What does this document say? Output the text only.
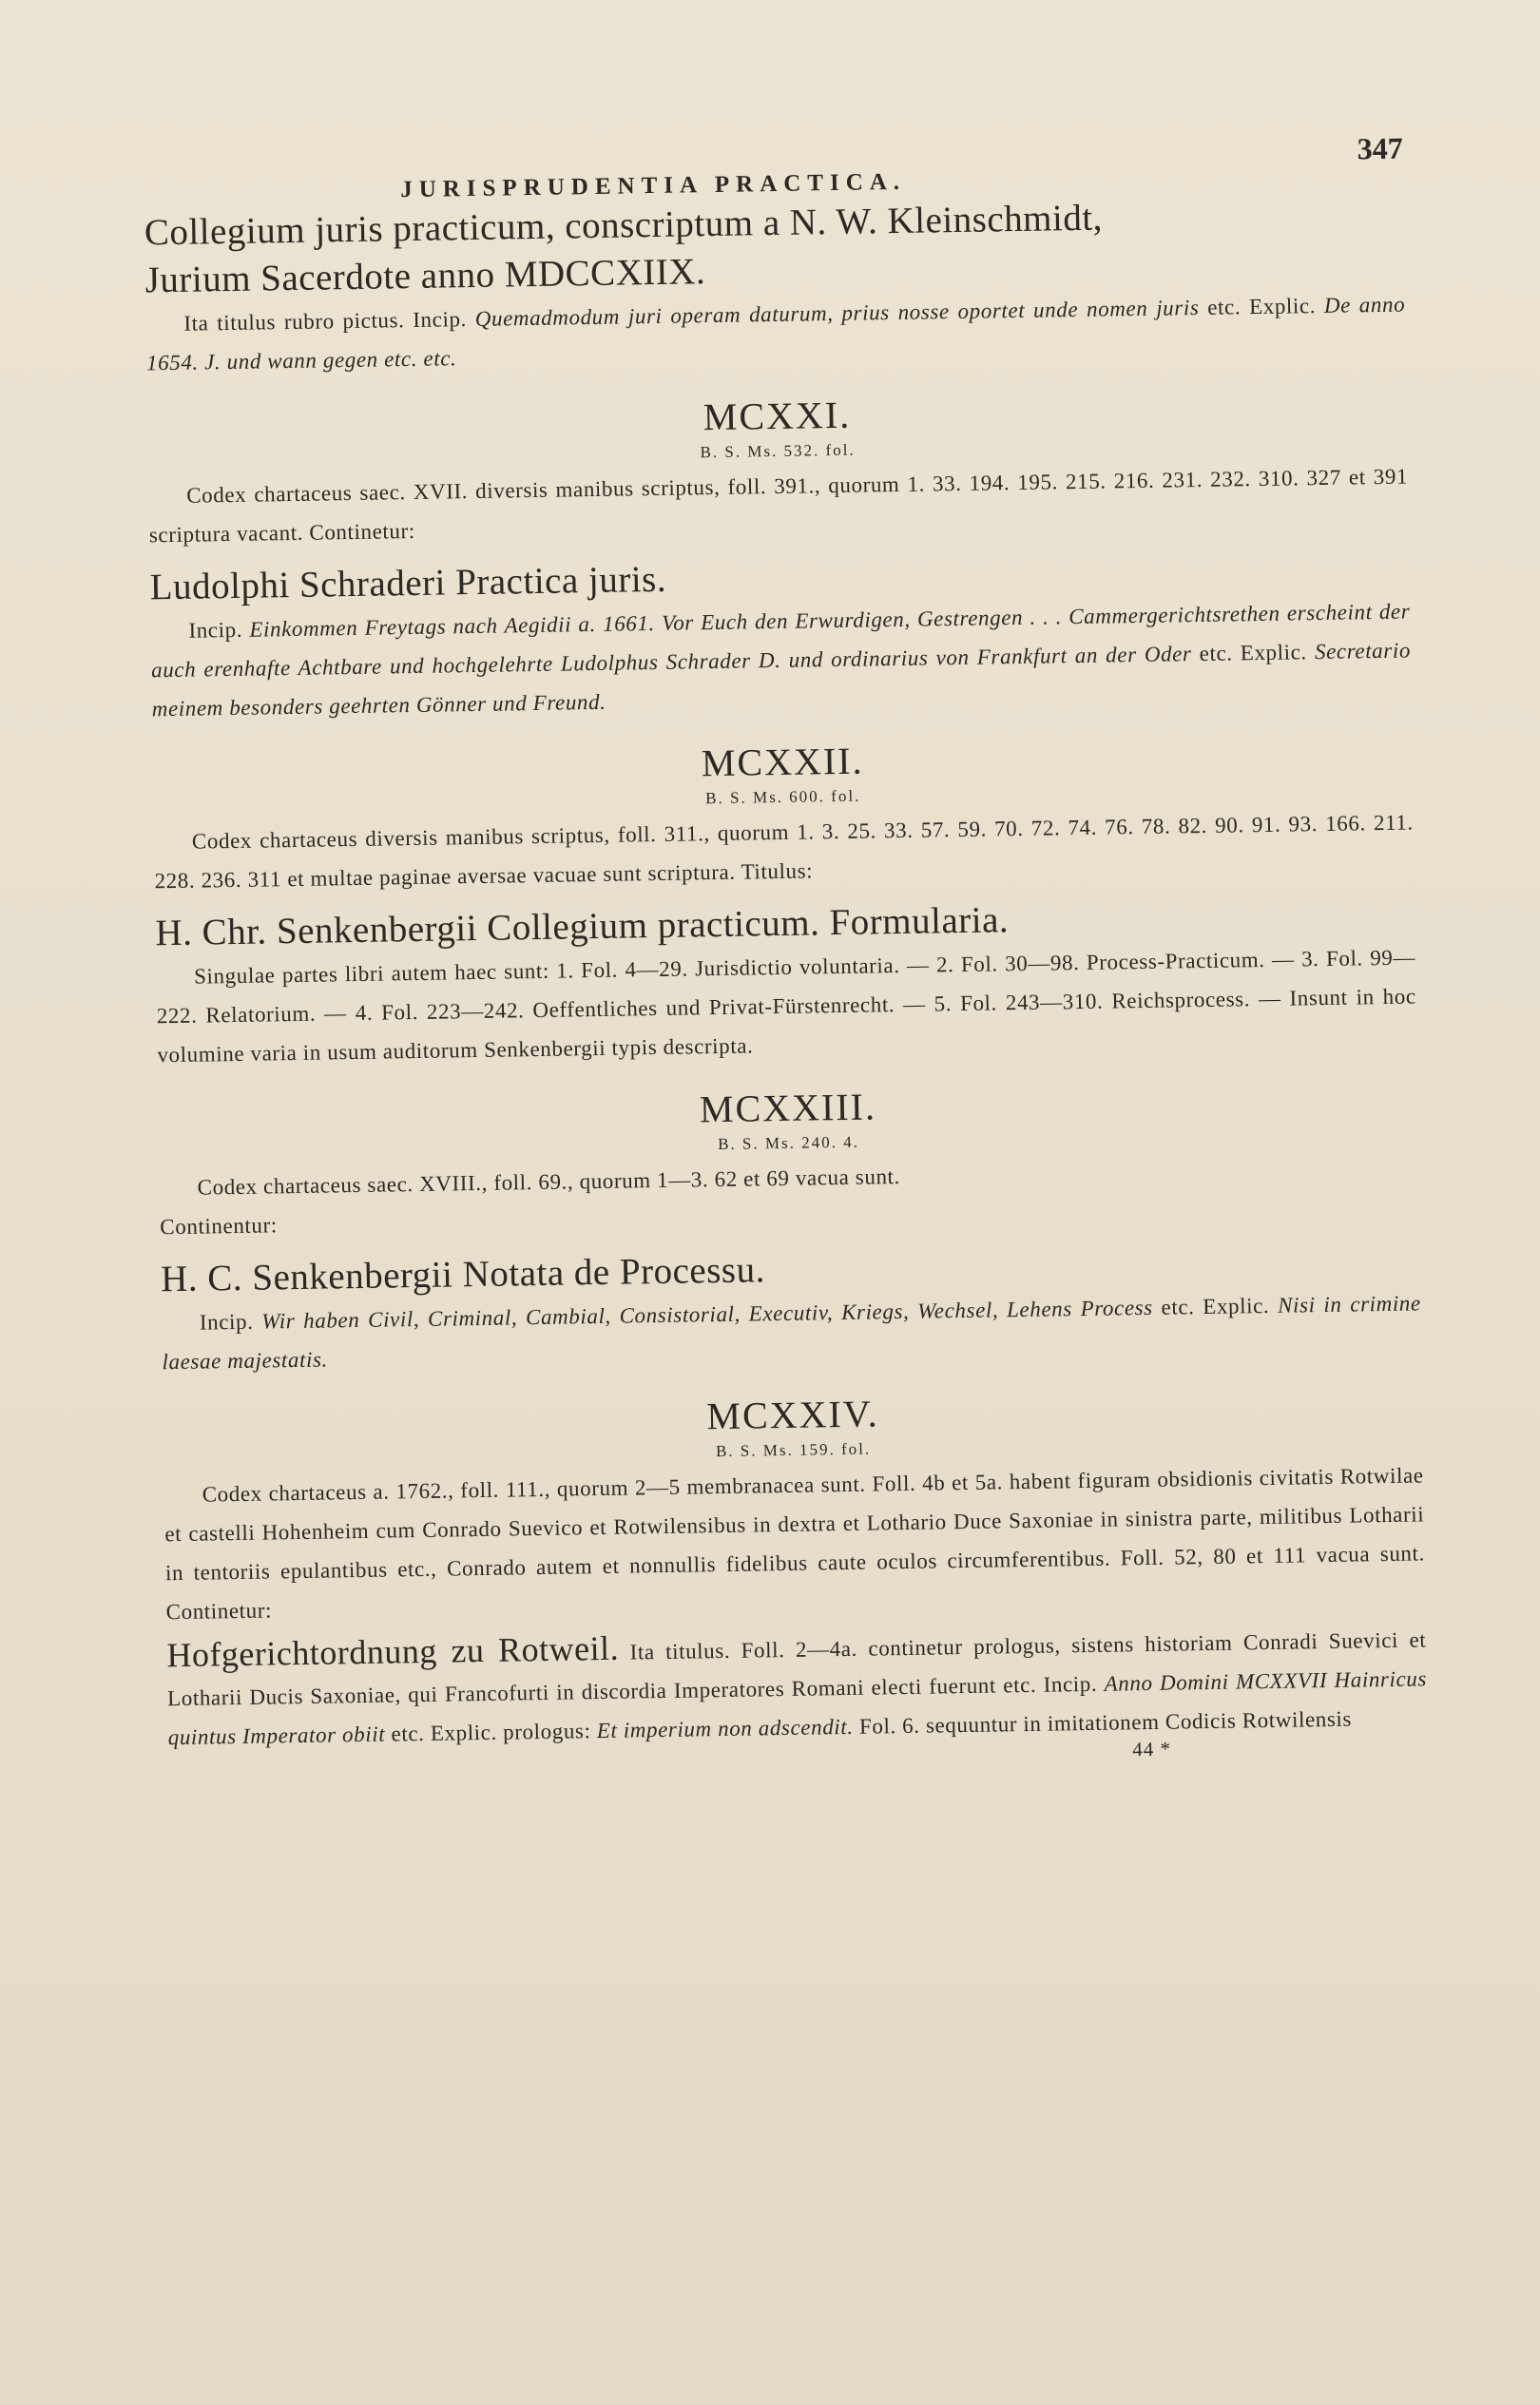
JURISPRUDENTIA PRACTICA.
347
Collegium juris practicum, conscriptum a N. W. Kleinschmidt,
Jurium Sacerdote anno MDCCXIIX.

Ita titulus rubro pictus. Incip. Quemadmodum juri operam daturum, prius nosse oportet unde nomen juris etc. Explic. De anno 1654. J. und wann gegen etc. etc.

MCXXI.
B. S. Ms. 532. fol.

Codex chartaceus saec. XVII. diversis manibus scriptus, foll. 391., quorum 1. 33. 194. 195. 215. 216. 231. 232. 310. 327 et 391 scriptura vacant. Continetur:

Ludolphi Schraderi Practica juris.

Incip. Einkommen Freytags nach Aegidii a. 1661. Vor Euch den Erwurdigen, Gestrengen . . . Cammergerichtsrethen erscheint der auch erenhafte Achtbare und hochgelehrte Ludolphus Schrader D. und ordinarius von Frankfurt an der Oder etc. Explic. Secretario meinem besonders geehrten Gönner und Freund.

MCXXII.
B. S. Ms. 600. fol.

Codex chartaceus diversis manibus scriptus, foll. 311., quorum 1. 3. 25. 33. 57. 59. 70. 72. 74. 76. 78. 82. 90. 91. 93. 166. 211. 228. 236. 311 et multae paginae aversae vacuae sunt scriptura. Titulus:

H. Chr. Senkenbergii Collegium practicum. Formularia.

Singulae partes libri autem haec sunt: 1. Fol. 4—29. Jurisdictio voluntaria. — 2. Fol. 30—98. Process-Practicum. — 3. Fol. 99—222. Relatorium. — 4. Fol. 223—242. Oeffentliches und Privat-Fürstenrecht. — 5. Fol. 243—310. Reichsprocess. — Insunt in hoc volumine varia in usum auditorum Senkenbergii typis descripta.

MCXXIII.
B. S. Ms. 240. 4.

Codex chartaceus saec. XVIII., foll. 69., quorum 1—3. 62 et 69 vacua sunt.

Continentur:

H. C. Senkenbergii Notata de Processu.

Incip. Wir haben Civil, Criminal, Cambial, Consistorial, Executiv, Kriegs, Wechsel, Lehens Process etc. Explic. Nisi in crimine laesae majestatis.

MCXXIV.
B. S. Ms. 159. fol.

Codex chartaceus a. 1762., foll. 111., quorum 2—5 membranacea sunt. Foll. 4b et 5a. habent figuram obsidionis civitatis Rotwilae et castelli Hohenheim cum Conrado Suevico et Rotwilensibus in dextra et Lothario Duce Saxoniae in sinistra parte, militibus Lotharii in tentoriis epulantibus etc., Conrado autem et nonnullis fidelibus caute oculos circumferentibus. Foll. 52, 80 et 111 vacua sunt. Continetur:

Hofgerichtordnung zu Rotweil. Ita titulus. Foll. 2—4a. continetur prologus, sistens historiam Conradi Suevici et Lotharii Ducis Saxoniae, qui Francofurti in discordia Imperatores Romani electi fuerunt etc. Incip. Anno Domini MCXXVII Hainricus quintus Imperator obiit etc. Explic. prologus: Et imperium non adscendit. Fol. 6. sequuntur in imitationem Codicis Rotwilensis

44 *
